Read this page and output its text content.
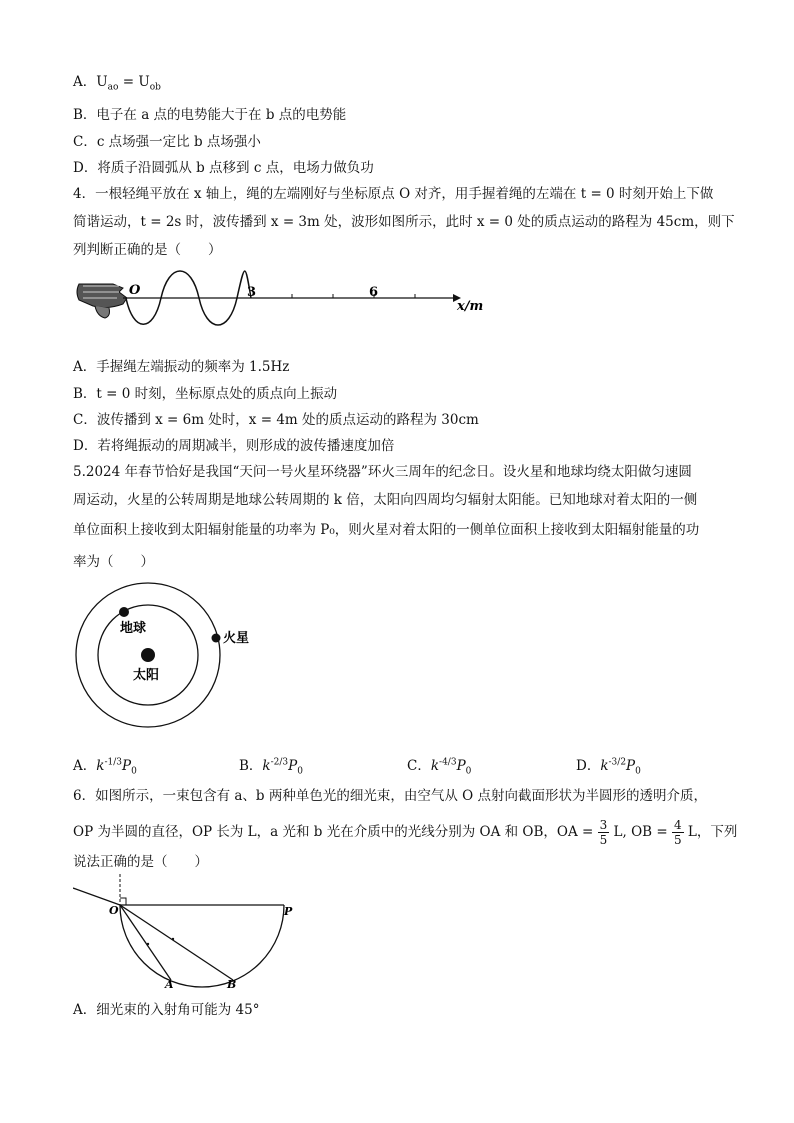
A．$U_{ao} = U_{ob}$
B．电子在 a 点的电势能大于在 b 点的电势能
C．c 点场强一定比 b 点场强小
D．将质子沿圆弧从 b 点移到 c 点，电场力做负功
4．一根轻绳平放在 x 轴上，绳的左端刚好与坐标原点 O 对齐，用手握着绳的左端在 t = 0 时刻开始上下做
简谐运动，t = 2s 时，波传播到 x = 3m 处，波形如图所示，此时 x = 0 处的质点运动的路程为 45cm，则下
列判断正确的是（　　）
O	3	6
x/m
A．手握绳左端振动的频率为 1.5Hz
B．t = 0 时刻，坐标原点处的质点向上振动
C．波传播到 x = 6m 处时，x = 4m 处的质点运动的路程为 30cm
D．若将绳振动的周期减半，则形成的波传播速度加倍
5.2024 年春节恰好是我国“天问一号火星环绕器”环火三周年的纪念日。设火星和地球均绕太阳做匀速圆
周运动，火星的公转周期是地球公转周期的 k 倍，太阳向四周均匀辐射太阳能。已知地球对着太阳的一侧
单位面积上接收到太阳辐射能量的功率为 P₀，则火星对着太阳的一侧单位面积上接收到太阳辐射能量的功
率为（　　）
地球
火星
太阳
A．$k^{-1/3}P_0$	B．$k^{-2/3}P_0$	C．$k^{-4/3}P_0$	D．$k^{-3/2}P_0$
6．如图所示，一束包含有 a、b 两种单色光的细光束，由空气从 O 点射向截面形状为半圆形的透明介质，
OP 为半圆的直径，OP 长为 L，a 光和 b 光在介质中的光线分别为 OA 和 OB，OA = $\frac{3}{5} L$, OB = $\frac{4}{5}$ L，下列
说法正确的是（　　）
O	P
A	B
A．细光束的入射角可能为 45°
